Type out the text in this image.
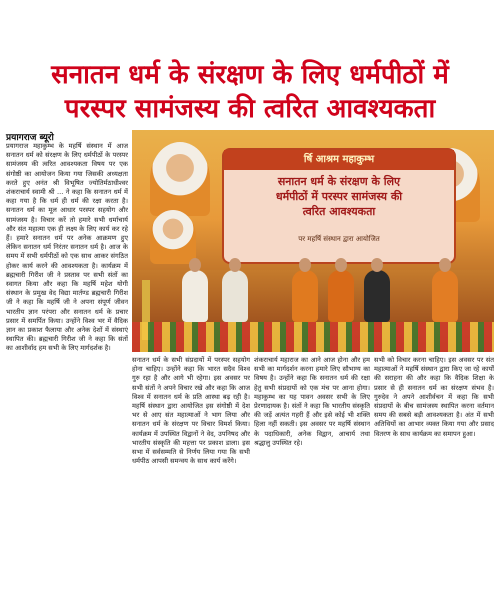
सनातन धर्म के संरक्षण के लिए धर्मपीठों में
परस्पर सामंजस्य की त्वरित आवश्यकता
प्रयागराज ब्यूरो
प्रयागराज महाकुम्भ के महर्षि संस्थान में आज सनातन धर्म को संरक्षण के लिए धर्मपीठों के परस्पर सामंजस्य की त्वरित आवश्यकता विषय पर एक संगोष्ठी का आयोजन किया गया जिसकी अध्यक्षता करते हुए अनंत श्री विभूषित ज्योतिर्मठाधीश्वर शंकराचार्य स्वामी श्री ... ने कहा कि सनातन धर्म में कहा गया है कि धर्म ही धर्म की रक्षा करता है। सनातन धर्म का मूल आधार परस्पर सहयोग और सामंजस्य है। विचार करें तो हमारे सभी धर्माचार्य और संत महात्मा एक ही लक्ष्य के लिए कार्य कर रहे हैं। हमारे सनातन धर्म पर अनेक आक्रमण हुए लेकिन सनातन धर्म निरंतर सनातन धर्म है। आज के समय में सभी धर्मपीठों को एक साथ आकर संगठित होकर कार्य करने की आवश्यकता है। कार्यक्रम में ब्रह्मचारी गिरीश जी ने प्रस्ताव पर सभी संतों का स्वागत किया और कहा कि महर्षि महेश योगी संस्थान के प्रमुख वेद विद्या मार्तण्ड ब्रह्मचारी गिरीश जी ने कहा कि महर्षि जी ने अपना संपूर्ण जीवन भारतीय ज्ञान परंपरा और सनातन धर्म के प्रचार प्रसार में समर्पित किया। उन्होंने विश्व भर में वैदिक ज्ञान का प्रकाश फैलाया और अनेक देशों में संस्थाएं स्थापित की। ब्रह्मचारी गिरीश जी ने कहा कि संतों का आशीर्वाद हम सभी के लिए मार्गदर्शक है।
र्षि आश्रम महाकुम्भ
सनातन धर्म के संरक्षण के लिए
धर्मपीठों में परस्पर सामंजस्य की
त्वरित आवश्यकता
पर महर्षि संस्थान द्वारा आयोजित
सनातन धर्म के सभी संप्रदायों में परस्पर सहयोग होना चाहिए। उन्होंने कहा कि भारत सदैव विश्व गुरु रहा है और आगे भी रहेगा। इस अवसर पर सभी संतों ने अपने विचार रखे और कहा कि आज विश्व में सनातन धर्म के प्रति आस्था बढ़ रही है। महर्षि संस्थान द्वारा आयोजित इस संगोष्ठी में देश भर से आए संत महात्माओं ने भाग लिया और सनातन धर्म के संरक्षण पर विचार विमर्श किया। कार्यक्रम में उपस्थित विद्वानों ने वेद, उपनिषद और भारतीय संस्कृति की महत्ता पर प्रकाश डाला। इस सभा में सर्वसम्मति से निर्णय लिया गया कि सभी धर्मपीठ आपसी समन्वय के साथ कार्य करेंगे।
शंकराचार्य महाराज का आने आज होना और हम सभी का मार्गदर्शन करना हमारे लिए सौभाग्य का विषय है। उन्होंने कहा कि सनातन धर्म की रक्षा हेतु सभी संप्रदायों को एक मंच पर आना होगा। महाकुम्भ का यह पावन अवसर सभी के लिए प्रेरणादायक है। संतों ने कहा कि भारतीय संस्कृति की जड़ें अत्यंत गहरी हैं और इसे कोई भी शक्ति हिला नहीं सकती। इस अवसर पर महर्षि संस्थान के पदाधिकारी, अनेक विद्वान, आचार्य तथा श्रद्धालु उपस्थित रहे।
सभी को विचार करना चाहिए। इस अवसर पर संत महात्माओं ने महर्षि संस्थान द्वारा किए जा रहे कार्यों की सराहना की और कहा कि वैदिक शिक्षा के प्रसार से ही सनातन धर्म का संरक्षण संभव है। गुरुदेव ने अपने आशीर्वचन में कहा कि सभी संप्रदायों के बीच सामंजस्य स्थापित करना वर्तमान समय की सबसे बड़ी आवश्यकता है। अंत में सभी अतिथियों का आभार व्यक्त किया गया और प्रसाद वितरण के साथ कार्यक्रम का समापन हुआ।
